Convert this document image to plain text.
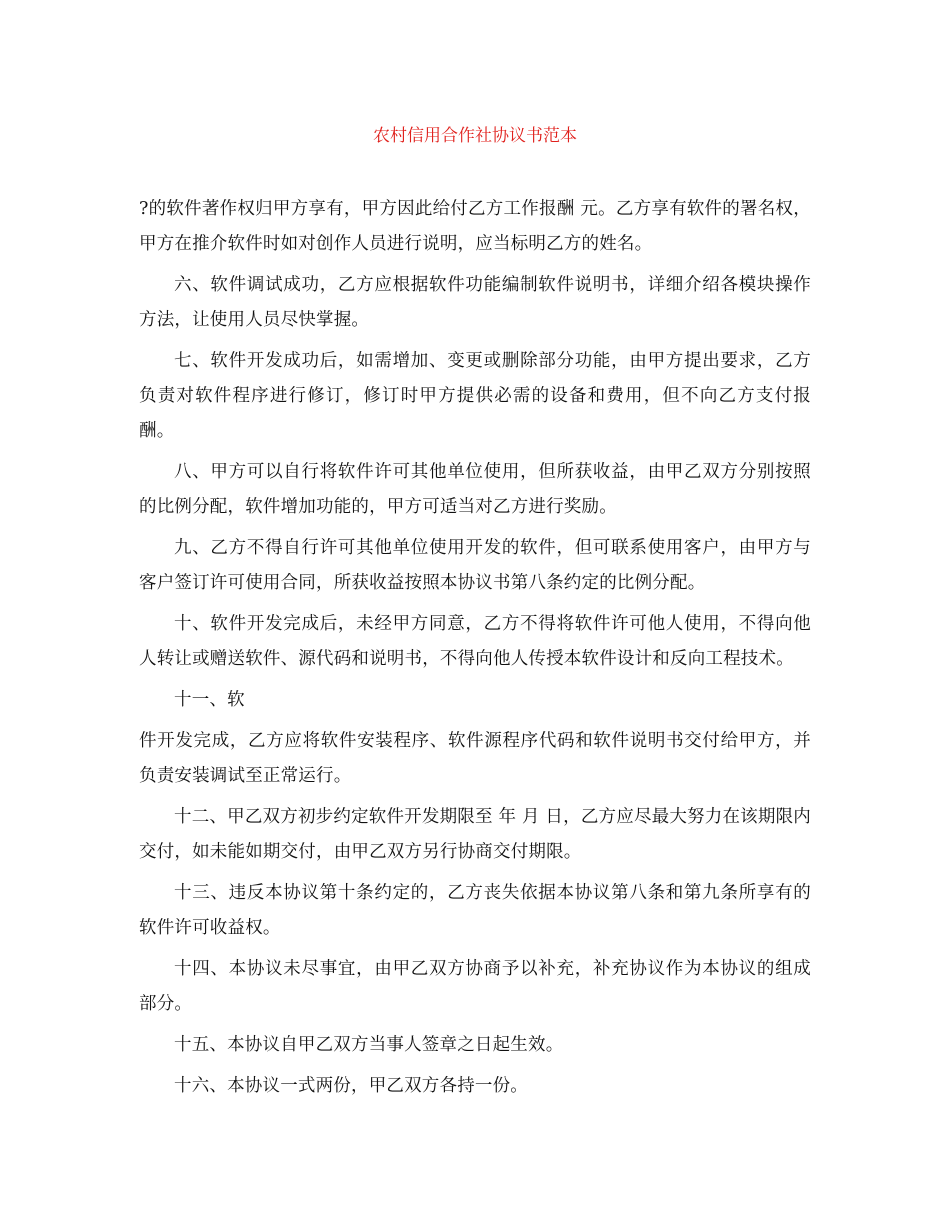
农村信用合作社协议书范本

?的软件著作权归甲方享有，甲方因此给付乙方工作报酬 元。乙方享有软件的署名权，甲方在推介软件时如对创作人员进行说明，应当标明乙方的姓名。

六、软件调试成功，乙方应根据软件功能编制软件说明书，详细介绍各模块操作方法，让使用人员尽快掌握。

七、软件开发成功后，如需增加、变更或删除部分功能，由甲方提出要求，乙方负责对软件程序进行修订，修订时甲方提供必需的设备和费用，但不向乙方支付报酬。

八、甲方可以自行将软件许可其他单位使用，但所获收益，由甲乙双方分别按照 的比例分配，软件增加功能的，甲方可适当对乙方进行奖励。

九、乙方不得自行许可其他单位使用开发的软件，但可联系使用客户，由甲方与客户签订许可使用合同，所获收益按照本协议书第八条约定的比例分配。

十、软件开发完成后，未经甲方同意，乙方不得将软件许可他人使用，不得向他人转让或赠送软件、源代码和说明书，不得向他人传授本软件设计和反向工程技术。

十一、软

件开发完成，乙方应将软件安装程序、软件源程序代码和软件说明书交付给甲方，并负责安装调试至正常运行。

十二、甲乙双方初步约定软件开发期限至 年 月 日，乙方应尽最大努力在该期限内交付，如未能如期交付，由甲乙双方另行协商交付期限。

十三、违反本协议第十条约定的，乙方丧失依据本协议第八条和第九条所享有的软件许可收益权。

十四、本协议未尽事宜，由甲乙双方协商予以补充，补充协议作为本协议的组成部分。

十五、本协议自甲乙双方当事人签章之日起生效。

十六、本协议一式两份，甲乙双方各持一份。
